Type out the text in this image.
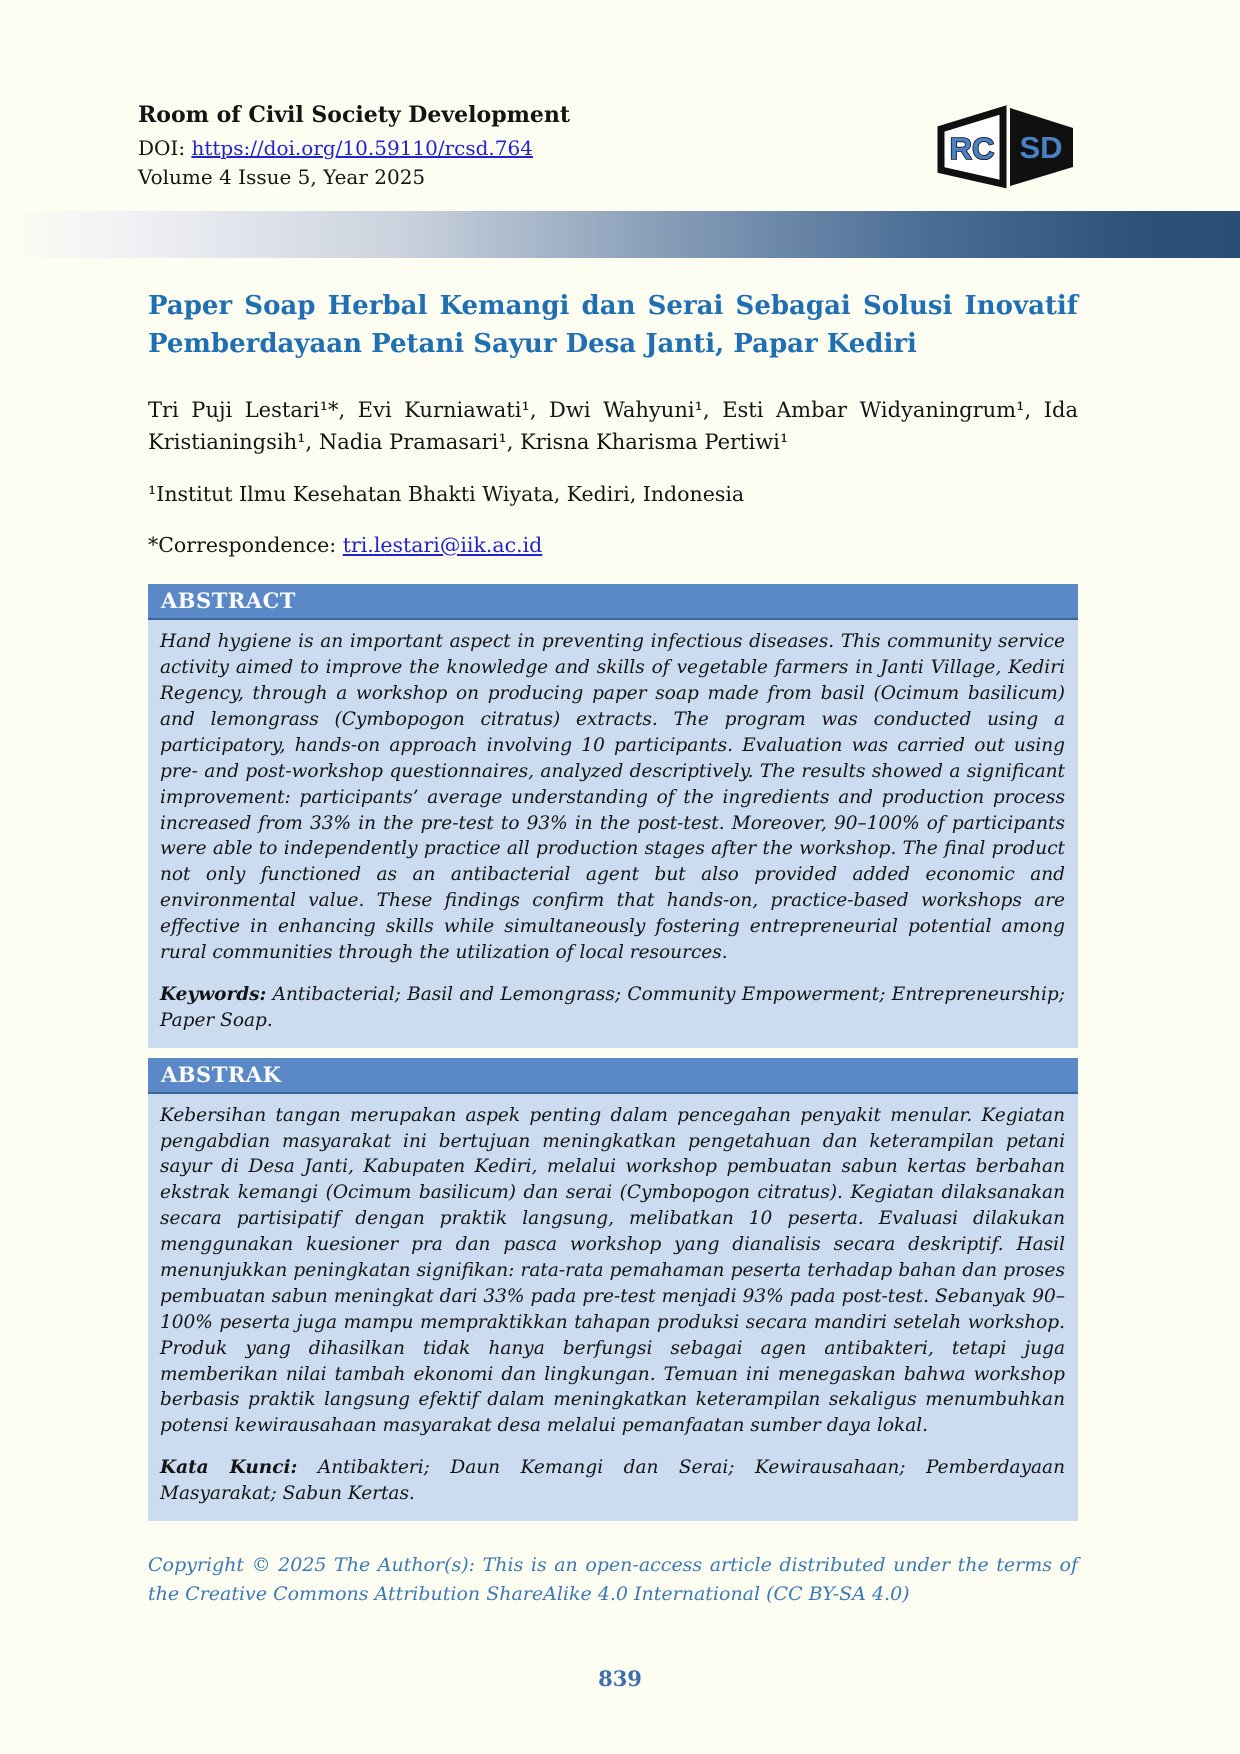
Room of Civil Society Development

DOI: https://doi.org/10.59110/rcsd.764
Volume 4 Issue 5, Year 2025
RC SD
Paper Soap Herbal Kemangi dan Serai Sebagai Solusi Inovatif Pemberdayaan Petani Sayur Desa Janti, Papar Kediri

Tri Puji Lestari¹*, Evi Kurniawati¹, Dwi Wahyuni¹, Esti Ambar Widyaningrum¹, Ida Kristianingsih¹, Nadia Pramasari¹, Krisna Kharisma Pertiwi¹

¹Institut Ilmu Kesehatan Bhakti Wiyata, Kediri, Indonesia

*Correspondence: tri.lestari@iik.ac.id

ABSTRACT

Hand hygiene is an important aspect in preventing infectious diseases. This community service activity aimed to improve the knowledge and skills of vegetable farmers in Janti Village, Kediri Regency, through a workshop on producing paper soap made from basil (Ocimum basilicum) and lemongrass (Cymbopogon citratus) extracts. The program was conducted using a participatory, hands-on approach involving 10 participants. Evaluation was carried out using pre- and post-workshop questionnaires, analyzed descriptively. The results showed a significant improvement: participants’ average understanding of the ingredients and production process increased from 33% in the pre-test to 93% in the post-test. Moreover, 90–100% of participants were able to independently practice all production stages after the workshop. The final product not only functioned as an antibacterial agent but also provided added economic and environmental value. These findings confirm that hands-on, practice-based workshops are effective in enhancing skills while simultaneously fostering entrepreneurial potential among rural communities through the utilization of local resources.

Keywords: Antibacterial; Basil and Lemongrass; Community Empowerment; Entrepreneurship; Paper Soap.

ABSTRAK

Kebersihan tangan merupakan aspek penting dalam pencegahan penyakit menular. Kegiatan pengabdian masyarakat ini bertujuan meningkatkan pengetahuan dan keterampilan petani sayur di Desa Janti, Kabupaten Kediri, melalui workshop pembuatan sabun kertas berbahan ekstrak kemangi (Ocimum basilicum) dan serai (Cymbopogon citratus). Kegiatan dilaksanakan secara partisipatif dengan praktik langsung, melibatkan 10 peserta. Evaluasi dilakukan menggunakan kuesioner pra dan pasca workshop yang dianalisis secara deskriptif. Hasil menunjukkan peningkatan signifikan: rata-rata pemahaman peserta terhadap bahan dan proses pembuatan sabun meningkat dari 33% pada pre-test menjadi 93% pada post-test. Sebanyak 90–100% peserta juga mampu mempraktikkan tahapan produksi secara mandiri setelah workshop. Produk yang dihasilkan tidak hanya berfungsi sebagai agen antibakteri, tetapi juga memberikan nilai tambah ekonomi dan lingkungan. Temuan ini menegaskan bahwa workshop berbasis praktik langsung efektif dalam meningkatkan keterampilan sekaligus menumbuhkan potensi kewirausahaan masyarakat desa melalui pemanfaatan sumber daya lokal.

Kata Kunci: Antibakteri; Daun Kemangi dan Serai; Kewirausahaan; Pemberdayaan Masyarakat; Sabun Kertas.

Copyright © 2025 The Author(s): This is an open-access article distributed under the terms of the Creative Commons Attribution ShareAlike 4.0 International (CC BY-SA 4.0)

839
